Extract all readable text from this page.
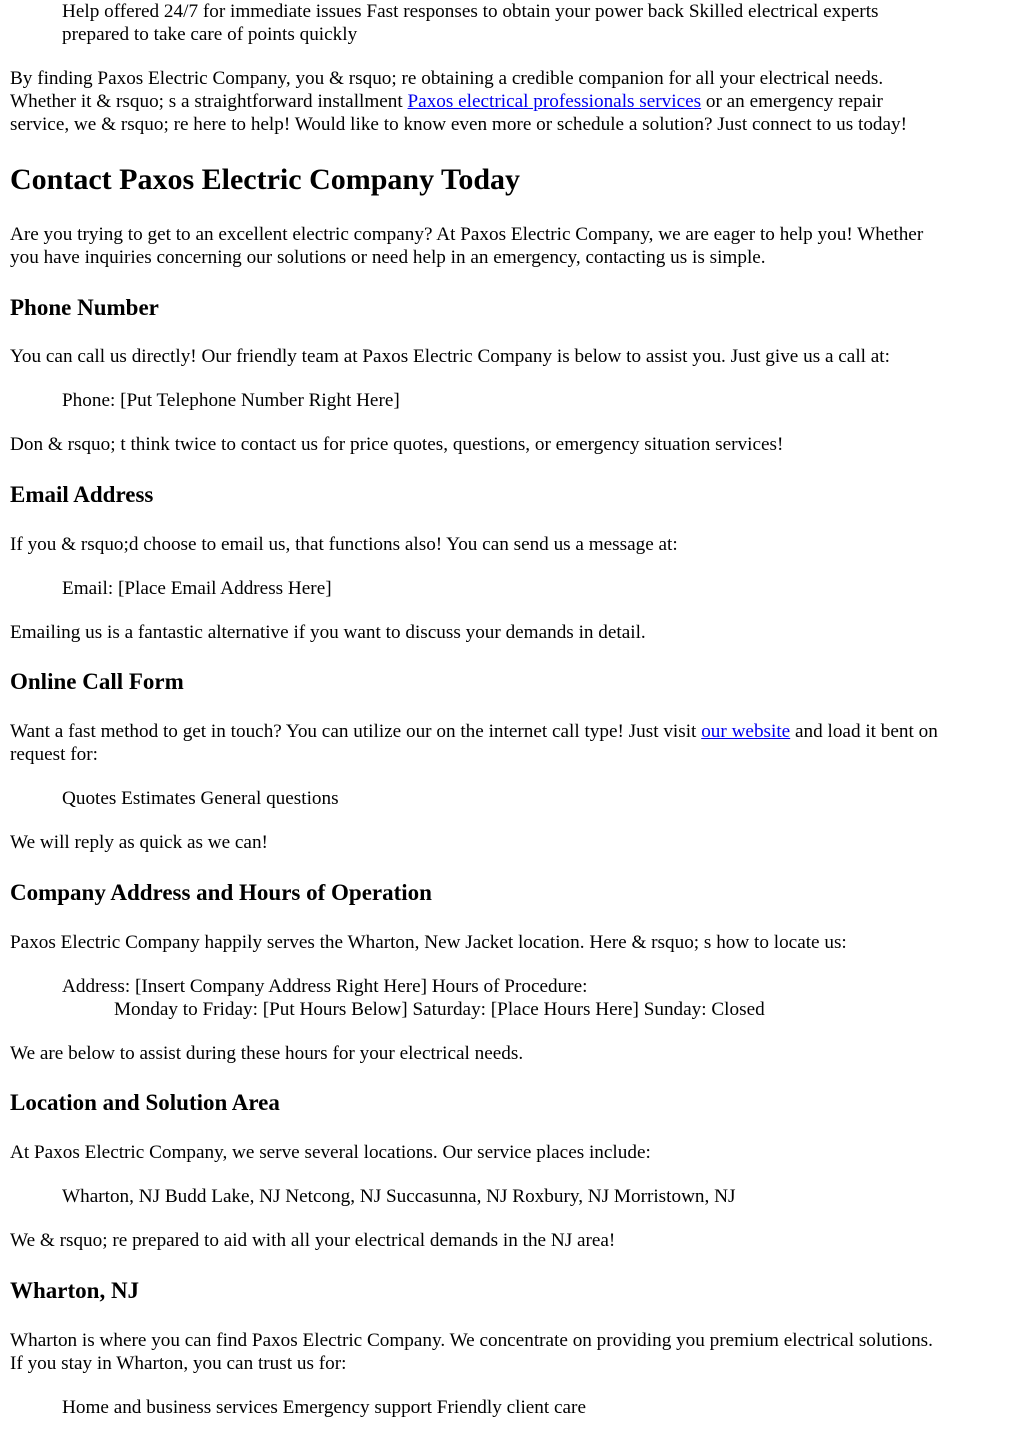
Help offered 24/7 for immediate issues Fast responses to obtain your power back Skilled electrical experts

prepared to take care of points quickly

By finding Paxos Electric Company, you & rsquo; re obtaining a credible companion for all your electrical needs.

Whether it & rsquo; s a straightforward installment Paxos electrical professionals services or an emergency repair

service, we & rsquo; re here to help! Would like to know even more or schedule a solution? Just connect to us today!

Contact Paxos Electric Company Today

Are you trying to get to an excellent electric company? At Paxos Electric Company, we are eager to help you! Whether

you have inquiries concerning our solutions or need help in an emergency, contacting us is simple.

Phone Number

You can call us directly! Our friendly team at Paxos Electric Company is below to assist you. Just give us a call at:

Phone: [Put Telephone Number Right Here]

Don & rsquo; t think twice to contact us for price quotes, questions, or emergency situation services!

Email Address

If you & rsquo;d choose to email us, that functions also! You can send us a message at:

Email: [Place Email Address Here]

Emailing us is a fantastic alternative if you want to discuss your demands in detail.

Online Call Form

Want a fast method to get in touch? You can utilize our on the internet call type! Just visit our website and load it bent on

request for:

Quotes Estimates General questions

We will reply as quick as we can!

Company Address and Hours of Operation

Paxos Electric Company happily serves the Wharton, New Jacket location. Here & rsquo; s how to locate us:

Address: [Insert Company Address Right Here] Hours of Procedure:

Monday to Friday: [Put Hours Below] Saturday: [Place Hours Here] Sunday: Closed

We are below to assist during these hours for your electrical needs.

Location and Solution Area

At Paxos Electric Company, we serve several locations. Our service places include:

Wharton, NJ Budd Lake, NJ Netcong, NJ Succasunna, NJ Roxbury, NJ Morristown, NJ

We & rsquo; re prepared to aid with all your electrical demands in the NJ area!

Wharton, NJ

Wharton is where you can find Paxos Electric Company. We concentrate on providing you premium electrical solutions.

If you stay in Wharton, you can trust us for:

Home and business services Emergency support Friendly client care
